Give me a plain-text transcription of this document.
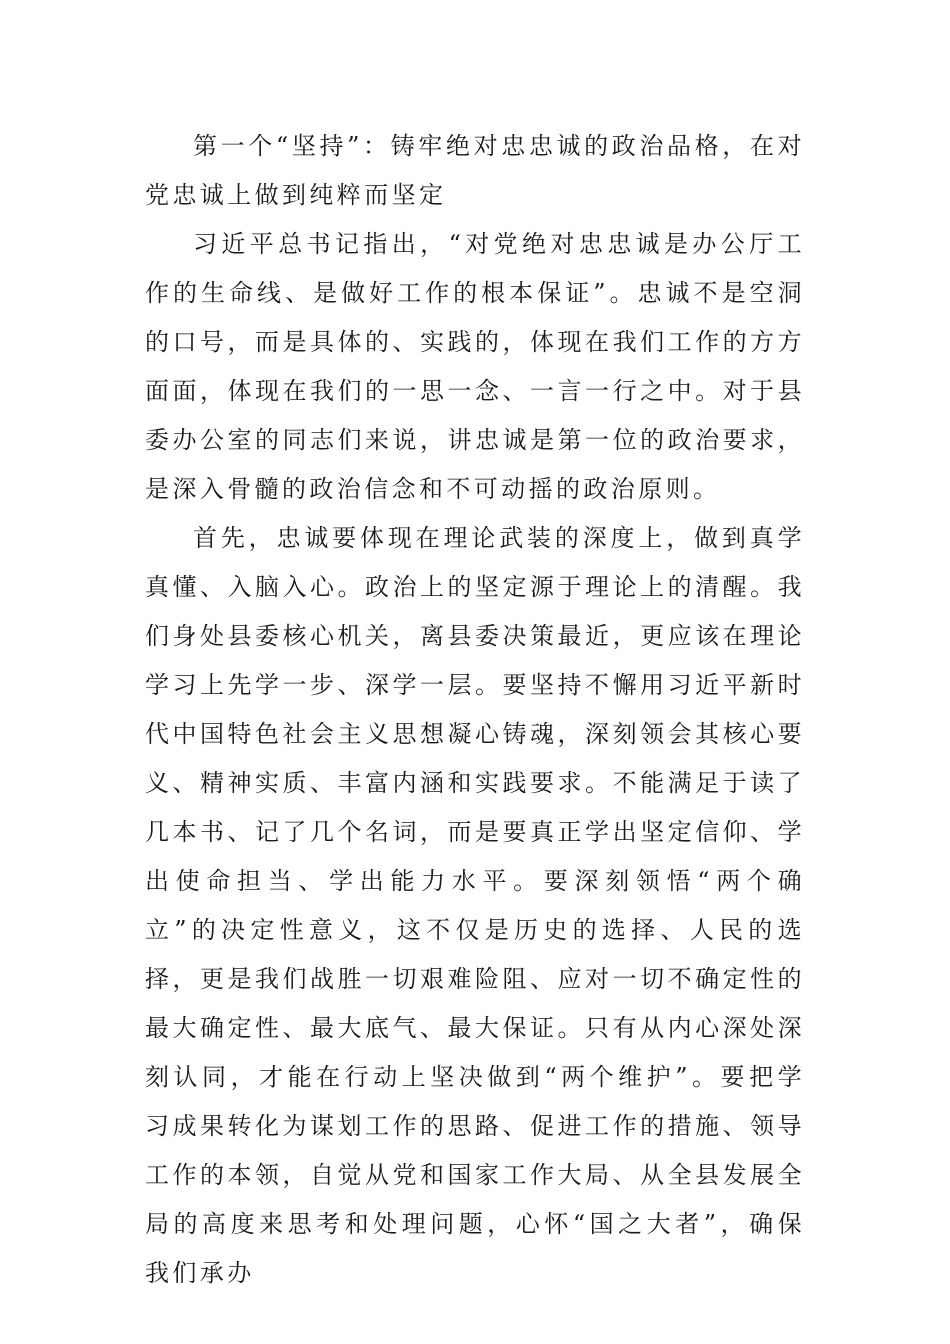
第一个“坚持”：铸牢绝对忠忠诚的政治品格，在对党忠诚上做到纯粹而坚定

习近平总书记指出，“对党绝对忠忠诚是办公厅工作的生命线、是做好工作的根本保证”。忠诚不是空洞的口号，而是具体的、实践的，体现在我们工作的方方面面，体现在我们的一思一念、一言一行之中。对于县委办公室的同志们来说，讲忠诚是第一位的政治要求，是深入骨髓的政治信念和不可动摇的政治原则。

首先，忠诚要体现在理论武装的深度上，做到真学真懂、入脑入心。政治上的坚定源于理论上的清醒。我们身处县委核心机关，离县委决策最近，更应该在理论学习上先学一步、深学一层。要坚持不懈用习近平新时代中国特色社会主义思想凝心铸魂，深刻领会其核心要义、精神实质、丰富内涵和实践要求。不能满足于读了几本书、记了几个名词，而是要真正学出坚定信仰、学出使命担当、学出能力水平。要深刻领悟“两个确立”的决定性意义，这不仅是历史的选择、人民的选择，更是我们战胜一切艰难险阻、应对一切不确定性的最大确定性、最大底气、最大保证。只有从内心深处深刻认同，才能在行动上坚决做到“两个维护”。要把学习成果转化为谋划工作的思路、促进工作的措施、领导工作的本领，自觉从党和国家工作大局、从全县发展全局的高度来思考和处理问题，心怀“国之大者”，确保我们承办
